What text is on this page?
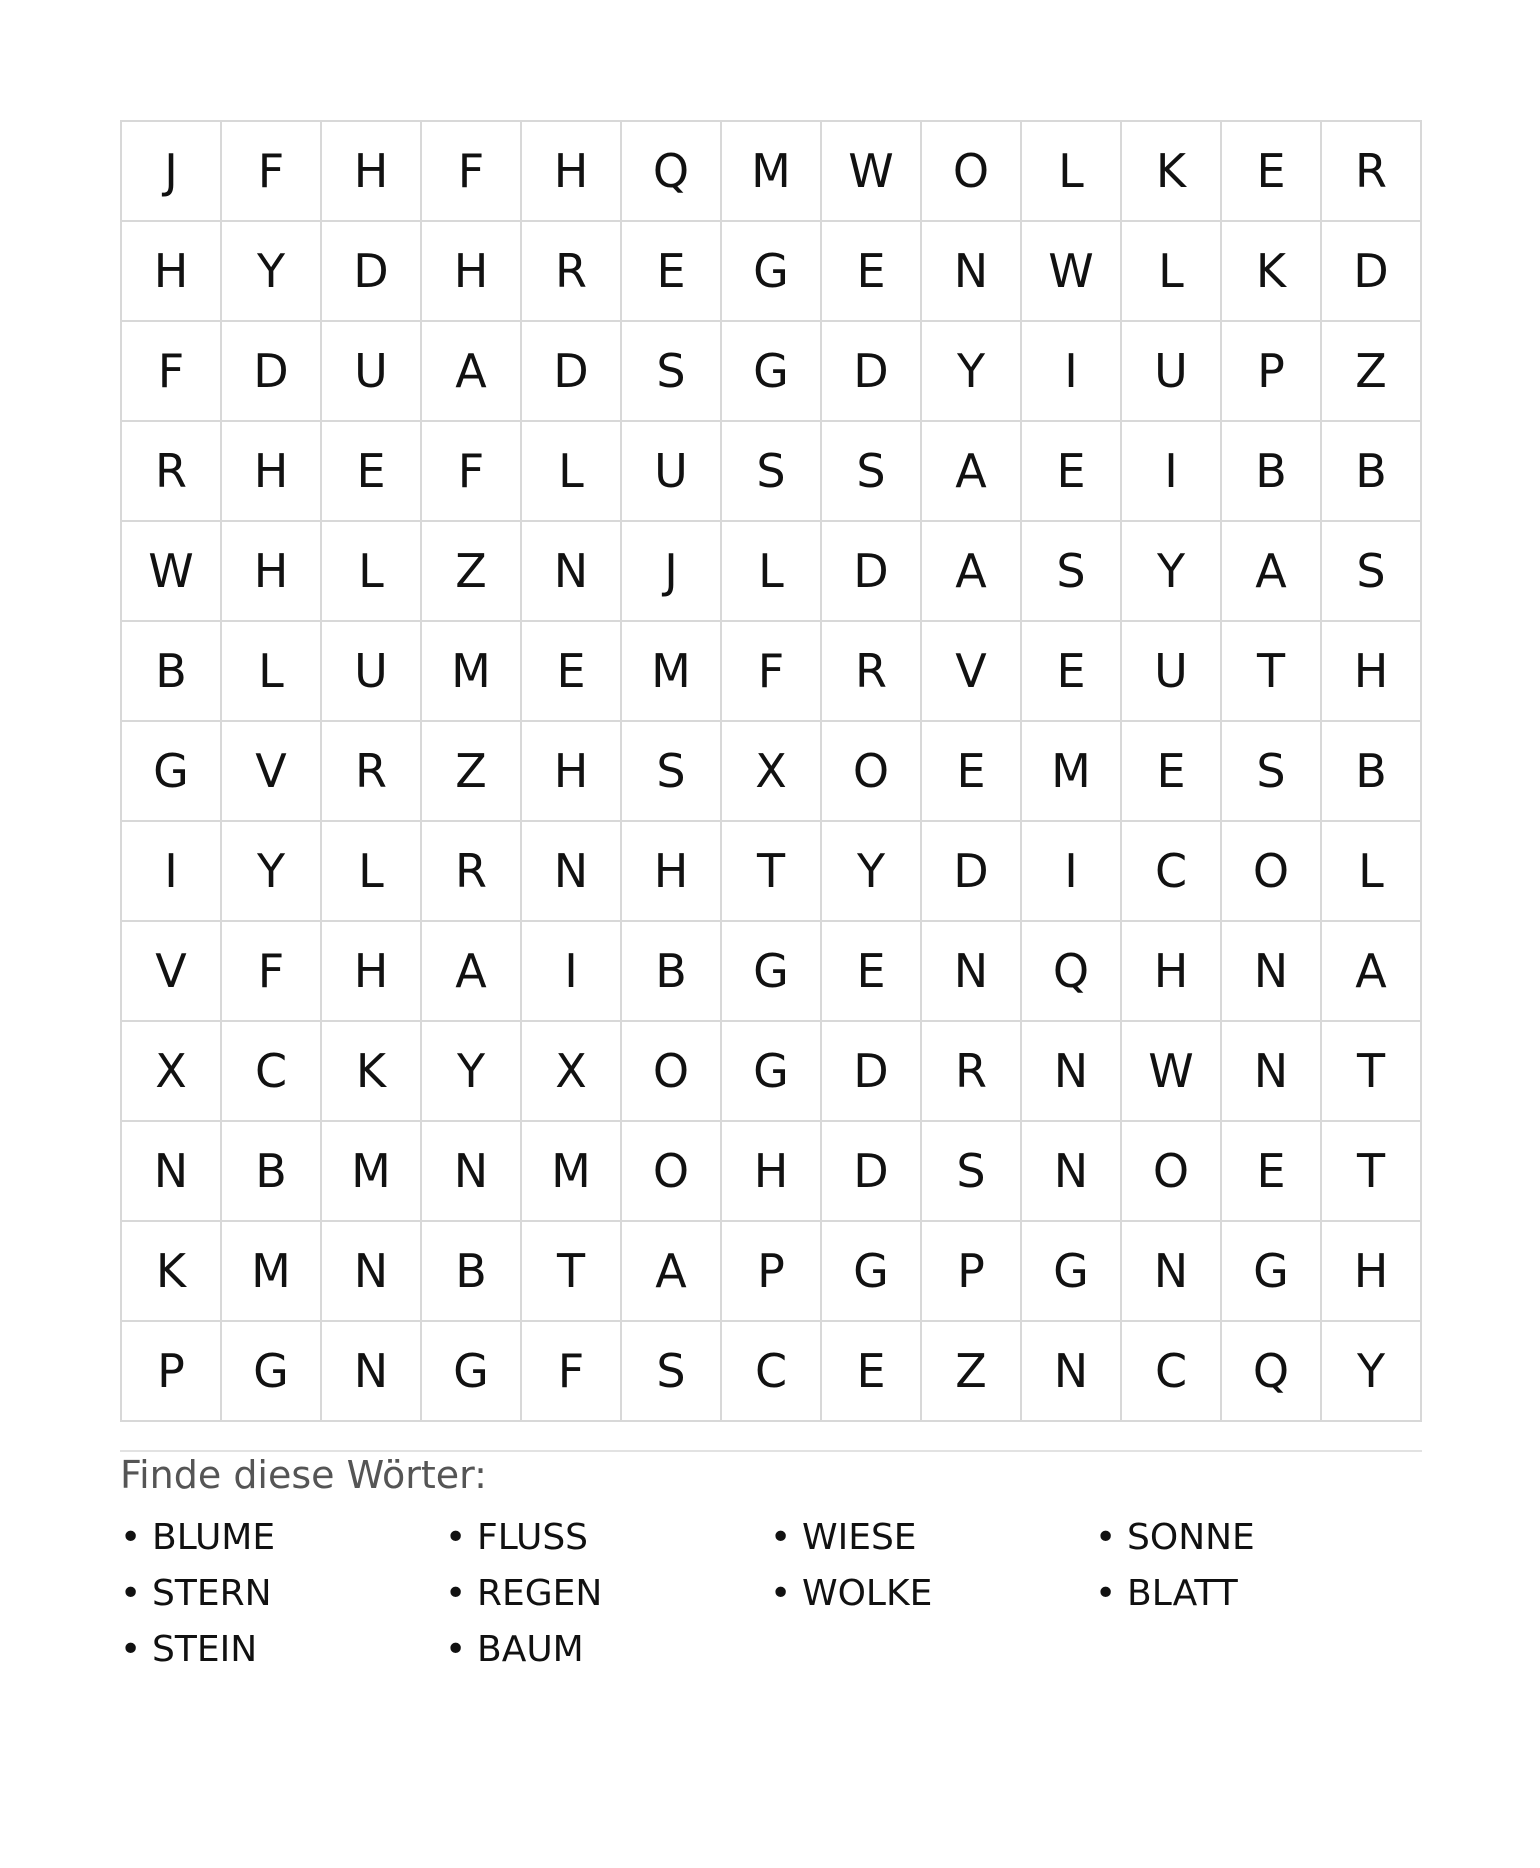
J	F	H	F	H	Q	M	W	O	L	K	E	R
H	Y	D	H	R	E	G	E	N	W	L	K	D
F	D	U	A	D	S	G	D	Y	I	U	P	Z
R	H	E	F	L	U	S	S	A	E	I	B	B
W	H	L	Z	N	J	L	D	A	S	Y	A	S
B	L	U	M	E	M	F	R	V	E	U	T	H
G	V	R	Z	H	S	X	O	E	M	E	S	B
I	Y	L	R	N	H	T	Y	D	I	C	O	L
V	F	H	A	I	B	G	E	N	Q	H	N	A
X	C	K	Y	X	O	G	D	R	N	W	N	T
N	B	M	N	M	O	H	D	S	N	O	E	T
K	M	N	B	T	A	P	G	P	G	N	G	H
P	G	N	G	F	S	C	E	Z	N	C	Q	Y
Finde diese Wörter:
• BLUME	• FLUSS	• WIESE	• SONNE
• STERN	• REGEN	• WOLKE	• BLATT
• STEIN	• BAUM
